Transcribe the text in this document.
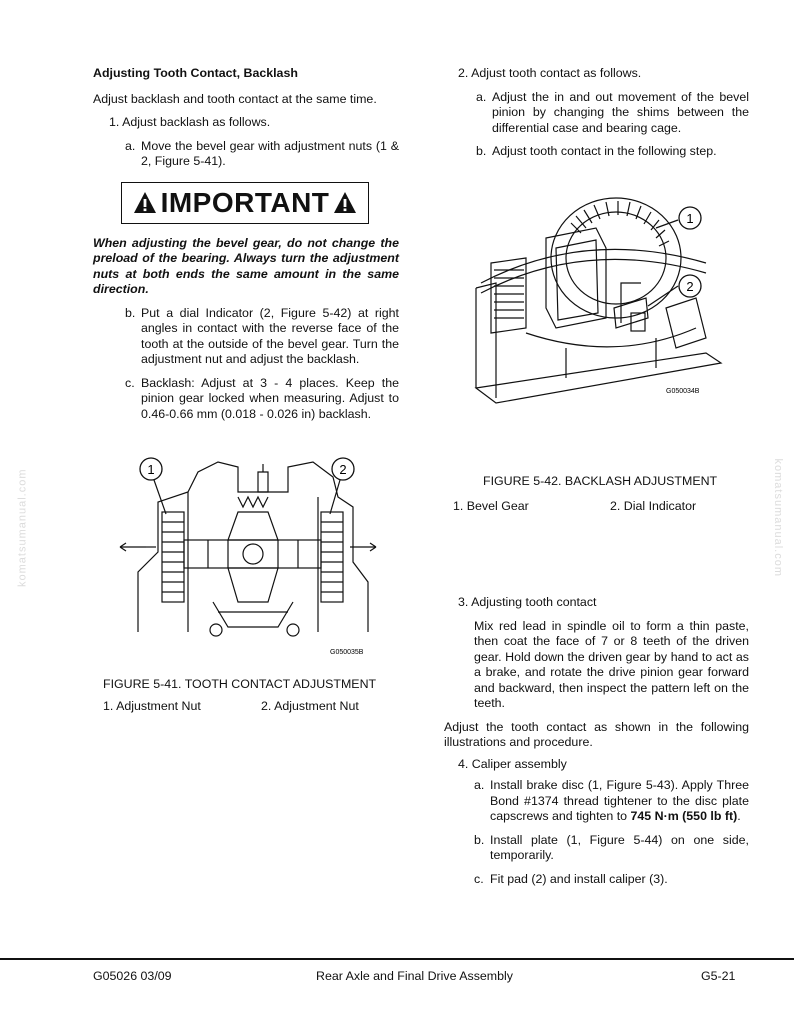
Adjusting Tooth Contact, Backlash

Adjust backlash and tooth contact at the same time.

1. Adjust backlash as follows.

a. Move the bevel gear with adjustment nuts (1 & 2, Figure 5-41).
IMPORTANT

When adjusting the bevel gear, do not change the preload of the bearing. Always turn the adjustment nuts at both ends the same amount in the same direction.

b. Put a dial Indicator (2, Figure 5-42) at right angles in contact with the reverse face of the tooth at the outside of the bevel gear. Turn the adjustment nut and adjust the backlash.
c. Backlash: Adjust at 3 - 4 places. Keep the pinion gear locked when measuring. Adjust to 0.46-0.66 mm (0.018 - 0.026 in) backlash.
1	2
G050035B
FIGURE 5-41. TOOTH CONTACT ADJUSTMENT
1. Adjustment Nut	2. Adjustment Nut

2. Adjust tooth contact as follows.

a. Adjust the in and out movement of the bevel pinion by changing the shims between the differential case and bearing cage.
b. Adjust tooth contact in the following step.
1
2
G050034B
FIGURE 5-42. BACKLASH ADJUSTMENT
1. Bevel Gear	2. Dial Indicator

3. Adjusting tooth contact

Mix red lead in spindle oil to form a thin paste, then coat the face of 7 or 8 teeth of the driven gear. Hold down the driven gear by hand to act as a brake, and rotate the drive pinion gear forward and backward, then inspect the pattern left on the teeth.

Adjust the tooth contact as shown in the following illustrations and procedure.

4. Caliper assembly

a. Install brake disc (1, Figure 5-43). Apply Three Bond #1374 thread tightener to the disc plate capscrews and tighten to 745 N·m (550 lb ft).
b. Install plate (1, Figure 5-44) on one side, temporarily.
c. Fit pad (2) and install caliper (3).
komatsumanual.com	komatsumanual.com
G05026 03/09	Rear Axle and Final Drive Assembly	G5-21
